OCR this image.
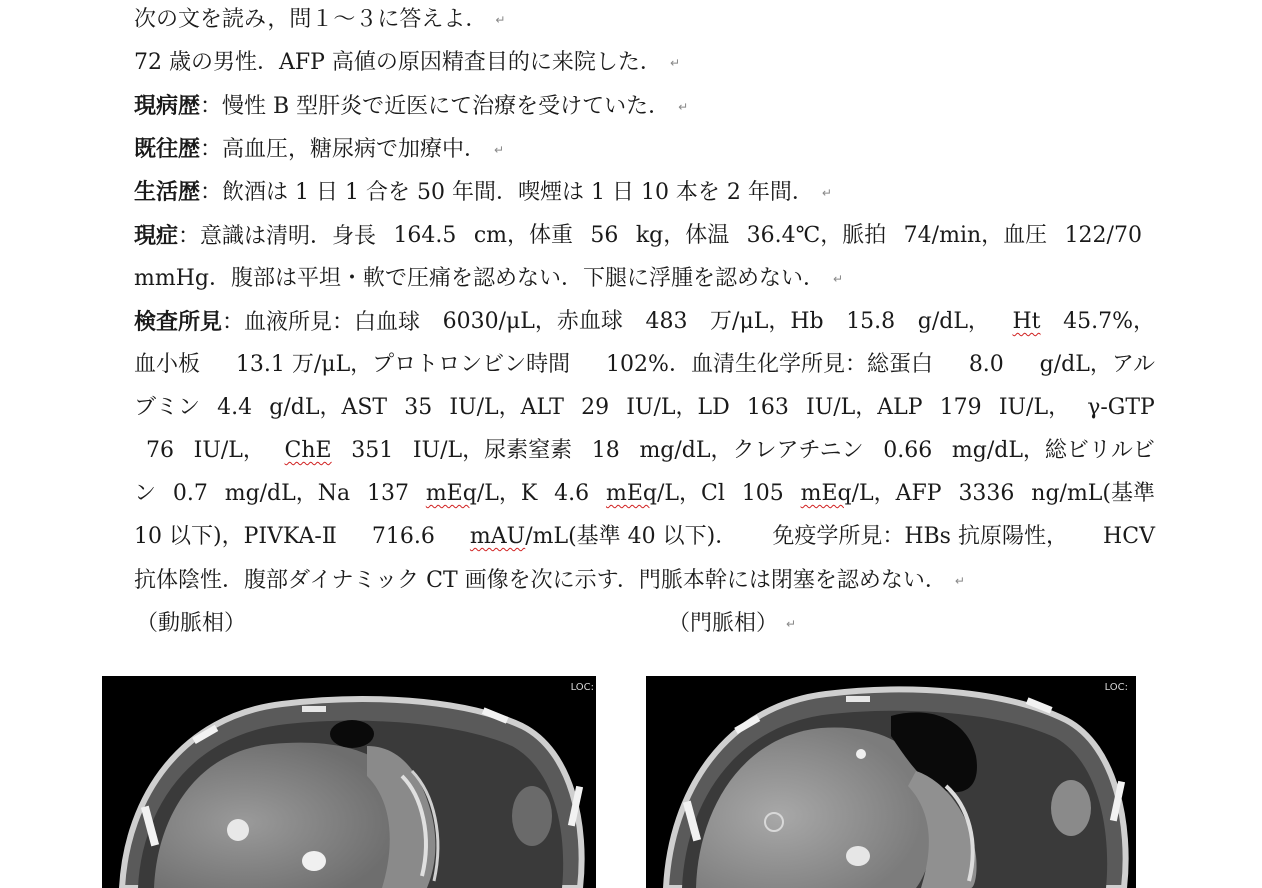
次の文を読み，問１～３に答えよ． ↵
72 歳の男性．AFP 高値の原因精査目的に来院した． ↵
現病歴：慢性 B 型肝炎で近医にて治療を受けていた． ↵
既往歴：高血圧，糖尿病で加療中． ↵
生活歴：飲酒は 1 日 1 合を 50 年間．喫煙は 1 日 10 本を 2 年間． ↵
現症：意識は清明．身長 164.5 cm，体重 56 kg，体温 36.4℃，脈拍 74/min，血圧 122/70
mmHg．腹部は平坦・軟で圧痛を認めない．下腿に浮腫を認めない． ↵
検査所見：血液所見：白血球 6030/μL，赤血球 483 万/μL，Hb 15.8 g/dL， Ht 45.7%，
血小板 13.1 万/μL，プロトロンビン時間 102%．血清生化学所見：総蛋白 8.0 g/dL，アル
ブミン 4.4 g/dL，AST 35 IU/L，ALT 29 IU/L，LD 163 IU/L，ALP 179 IU/L， γ-GTP
76 IU/L， ChE 351 IU/L，尿素窒素 18 mg/dL，クレアチニン 0.66 mg/dL，総ビリルビ
ン 0.7 mg/dL，Na 137 mEq/L，K 4.6 mEq/L，Cl 105 mEq/L，AFP 3336 ng/mL(基準
10 以下)，PIVKA-Ⅱ 716.6 mAU/mL(基準 40 以下)． 免疫学所見：HBs 抗原陽性， HCV
抗体陰性．腹部ダイナミック CT 画像を次に示す．門脈本幹には閉塞を認めない． ↵
（動脈相）	（門脈相） ↵
LOC:	LOC:
